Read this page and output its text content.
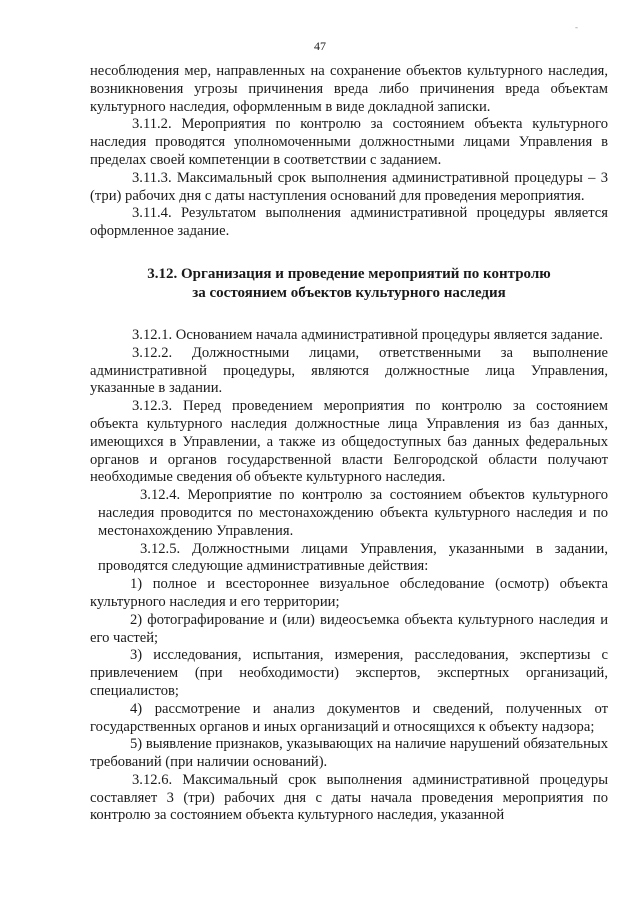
-
47

несоблюдения мер, направленных на сохранение объектов культурного наследия, возникновения угрозы причинения вреда либо причинения вреда объектам культурного наследия, оформленным в виде докладной записки.

3.11.2. Мероприятия по контролю за состоянием объекта культурного наследия проводятся уполномоченными должностными лицами Управления в пределах своей компетенции в соответствии с заданием.

3.11.3. Максимальный срок выполнения административной процедуры – 3 (три) рабочих дня с даты наступления оснований для проведения мероприятия.

3.11.4. Результатом выполнения административной процедуры является оформленное задание.

3.12. Организация и проведение мероприятий по контролю
за состоянием объектов культурного наследия

3.12.1. Основанием начала административной процедуры является задание.

3.12.2. Должностными лицами, ответственными за выполнение административной процедуры, являются должностные лица Управления, указанные в задании.

3.12.3. Перед проведением мероприятия по контролю за состоянием объекта культурного наследия должностные лица Управления из баз данных, имеющихся в Управлении, а также из общедоступных баз данных федеральных органов и органов государственной власти Белгородской области получают необходимые сведения об объекте культурного наследия.

3.12.4. Мероприятие по контролю за состоянием объектов культурного наследия проводится по местонахождению объекта культурного наследия и по местонахождению Управления.

3.12.5. Должностными лицами Управления, указанными в задании, проводятся следующие административные действия:

1) полное и всестороннее визуальное обследование (осмотр) объекта культурного наследия и его территории;

2) фотографирование и (или) видеосъемка объекта культурного наследия и его частей;

3) исследования, испытания, измерения, расследования, экспертизы с привлечением (при необходимости) экспертов, экспертных организаций, специалистов;

4) рассмотрение и анализ документов и сведений, полученных от государственных органов и иных организаций и относящихся к объекту надзора;

5) выявление признаков, указывающих на наличие нарушений обязательных требований (при наличии оснований).

3.12.6. Максимальный срок выполнения административной процедуры составляет 3 (три) рабочих дня с даты начала проведения мероприятия по контролю за состоянием объекта культурного наследия, указанной
